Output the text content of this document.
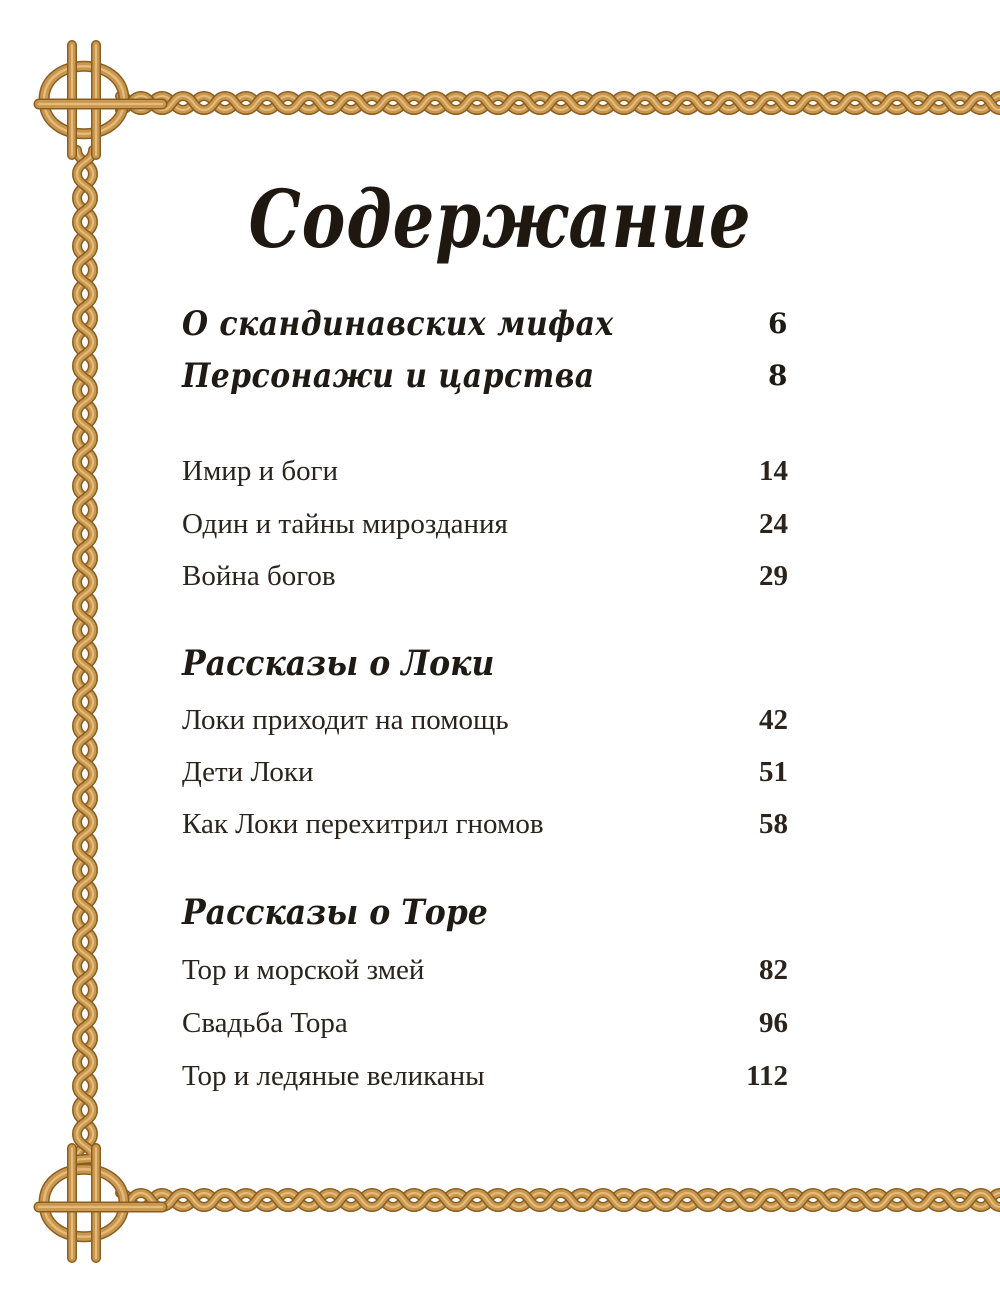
Содержание
О скандинавских мифах	6
Персонажи и царства	8
Имир и боги	14
Один и тайны мироздания	24
Война богов	29
Рассказы о Локи
Локи приходит на помощь	42
Дети Локи	51
Как Локи перехитрил гномов	58
Рассказы о Торе
Тор и морской змей	82
Свадьба Тора	96
Тор и ледяные великаны	112
